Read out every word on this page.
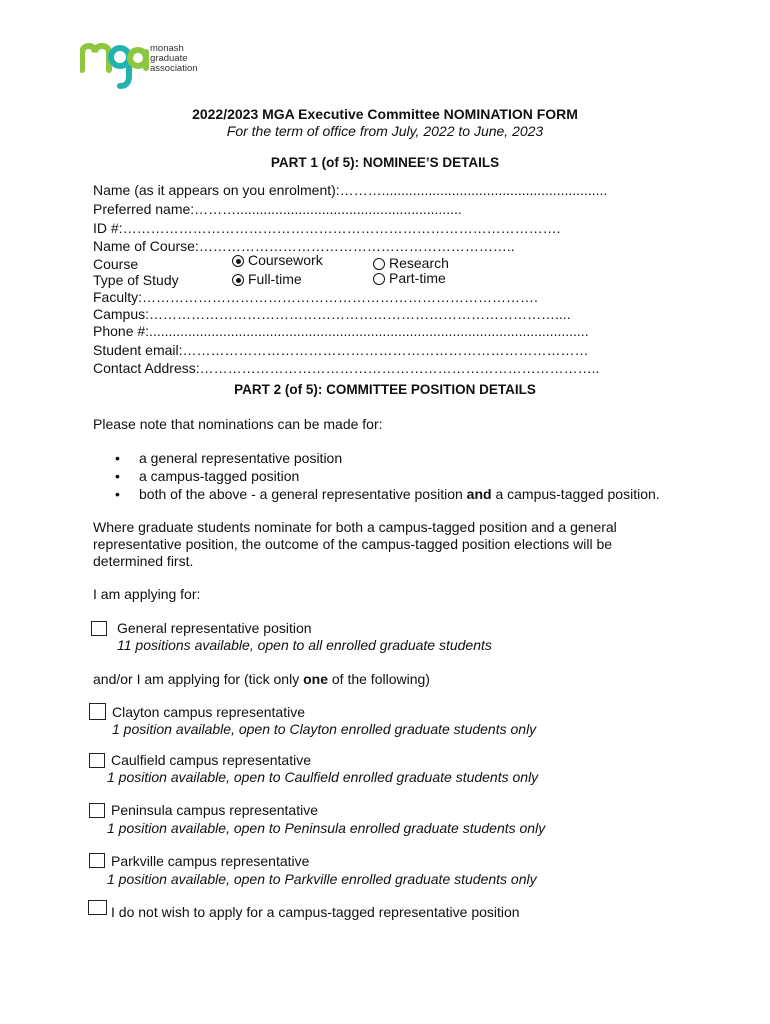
monash
graduate
association
2022/2023 MGA Executive Committee NOMINATION FORM
For the term of office from July, 2022 to June, 2023
PART 1 (of 5): NOMINEE’S DETAILS
Name (as it appears on you enrolment):………..........................................................
Preferred name:………..........................................................
ID #:………………………………………………………………………………….
Name of Course:…………………………………………………………..
Course	Coursework	Research
Type of Study	Full-time	Part-time
Faculty:………………………………………………………………………….
Campus:……………………………………………………………………………....
Phone #:.................................................................................................................
Student email:……………………………………………………………………………
Contact Address:…………………………………………………………………………..
PART 2 (of 5): COMMITTEE POSITION DETAILS
Please note that nominations can be made for:
• a general representative position
• a campus-tagged position
• both of the above - a general representative position and a campus-tagged position.
Where graduate students nominate for both a campus-tagged position and a general
representative position, the outcome of the campus-tagged position elections will be
determined first.
I am applying for:
General representative position
11 positions available, open to all enrolled graduate students
and/or I am applying for (tick only one of the following)
Clayton campus representative
1 position available, open to Clayton enrolled graduate students only
Caulfield campus representative
1 position available, open to Caulfield enrolled graduate students only
Peninsula campus representative
1 position available, open to Peninsula enrolled graduate students only
Parkville campus representative
1 position available, open to Parkville enrolled graduate students only
I do not wish to apply for a campus-tagged representative position
